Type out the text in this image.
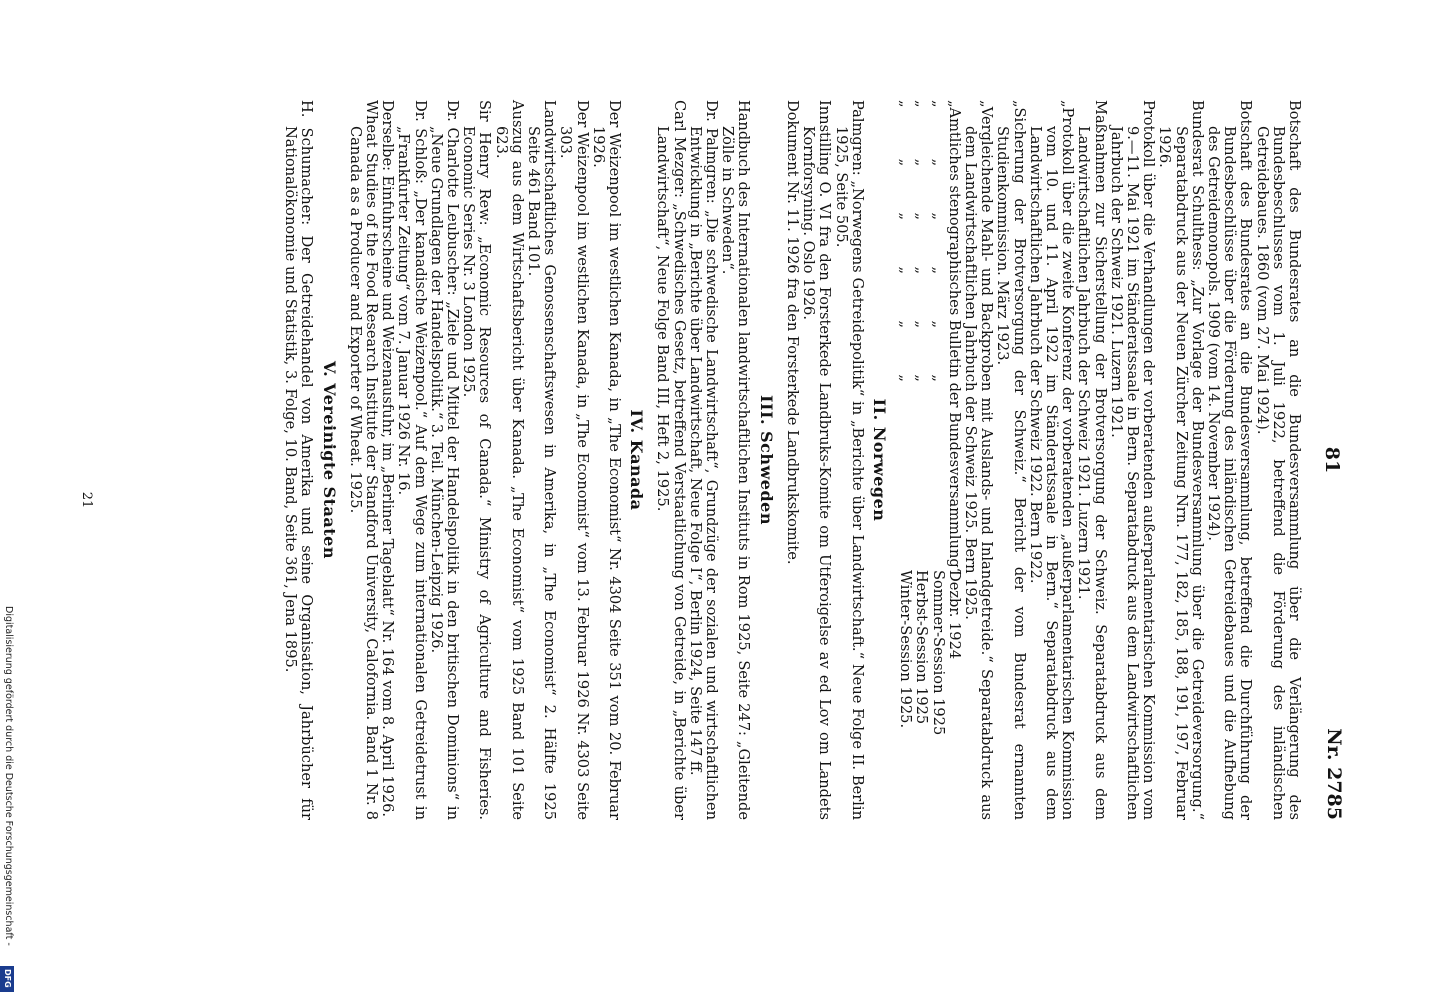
81
Nr. 2785

Botschaft des Bundesrates an die Bundesversammlung über die Verlängerung des Bundesbeschlusses vom 1. Juli 1922, betreffend die Förderung des inländischen Getreidebaues. 1860 (vom 27. Mai 1924).

Botschaft des Bundesrates an die Bundesversammlung, betreffend die Durchführung der Bundesbeschlüsse über die Förderung des inländischen Getreidebaues und die Aufhebung des Getreidemonopols. 1909 (vom 14. November 1924).

Bundesrat Schulthess: „Zur Vorlage der Bundesversammlung über die Getreideversorgung.“ Separatabdruck aus der Neuen Zürcher Zeitung Nrn. 177, 182, 185, 188, 191, 197, Februar 1926.

Protokoll über die Verhandlungen der vorberatenden außerparlamentarischen Kommission vom 9.—11. Mai 1921 im Ständeratssaale in Bern. Separatabdruck aus dem Landwirtschaftlichen Jahrbuch der Schweiz 1921. Luzern 1921.

Maßnahmen zur Sicherstellung der Brotversorgung der Schweiz. Separatabdruck aus dem Landwirtschaftlichen Jahrbuch der Schweiz 1921. Luzern 1921.

„Protokoll über die zweite Konferenz der vorberatenden „außerparlamentarischen Kommission vom 10. und 11. April 1922 im Ständeratssaale in Bern.“ Separatabdruck aus dem Landwirtschaftlichen Jahrbuch der Schweiz 1922. Bern 1922.

„Sicherung der Brotversorgung der Schweiz.“ Bericht der vom Bundesrat ernannten Studienkommission. März 1923.

„Vergleichende Mahl- und Backproben mit Auslands- und Inlandgetreide.“ Separatabdruck aus dem Landwirtschaftlichen Jahrbuch der Schweiz 1925. Bern 1925.

„Amtliches stenographisches Bulletin der Bundesversammlung“
Dezbr. 1924
„           „          „          „          „          „
Sommer-Session 1925
„           „          „          „          „          „
Herbst-Session 1925
„           „          „          „          „          „
Winter-Session 1925.
II. Norwegen

Palmgren: „Norwegens Getreidepolitik“ in „Berichte über Landwirtschaft.“ Neue Folge II. Berlin 1925, Seite 505.

Innstilling O. VI fra den Forsterkede Landbruks-Komite om Utferoigelse av ed Lov om Landets Kornforsyning. Oslo 1926.

Dokument Nr. 11. 1926 fra den Forsterkede Landbrukskomite.

III. Schweden

Handbuch des Internationalen landwirtschaftlichen Instituts in Rom 1925, Seite 247: „Gleitende Zölle in Schweden“.

Dr. Palmgren: „Die schwedische Landwirtschaft“, Grundzüge der sozialen und wirtschaftlichen Entwicklung in „Berichte über Landwirtschaft, Neue Folge I“, Berlin 1924, Seite 147 ff.

Carl Mezger: „Schwedisches Gesetz, betreffend Verstaatlichung von Getreide, in „Berichte über Landwirtschaft“, Neue Folge Band III, Heft 2, 1925.

IV. Kanada

Der Weizenpool im westlichen Kanada, in „The Economist“ Nr. 4304 Seite 351 vom 20. Februar 1926.

Der Weizenpool im westlichen Kanada, in „The Economist“ vom 13. Februar 1926 Nr. 4303 Seite 303.

Landwirtschaftliches Genossenschaftswesen in Amerika, in „The Economist“ 2. Hälfte 1925 Seite 461 Band 101.

Auszug aus dem Wirtschaftsbericht über Kanada. „The Economist“ vom 1925 Band 101 Seite 623.

Sir Henry Rew: „Economic Resources of Canada.“ Ministry of Agriculture and Fisheries. Economic Series Nr. 3 London 1925.

Dr. Charlotte Leubuscher: „Ziele und Mittel der Handelspolitik in den britischen Dominions“ in „Neue Grundlagen der Handelspolitik.“ 3. Teil. München-Leipzig 1926.

Dr. Schloß: „Der kanadische Weizenpool.“ Auf dem Wege zum internationalen Getreidetrust in „Frankfurter Zeitung“ vom 7. Januar 1926 Nr. 16.

Derselbe: Einfuhrscheine und Weizenausfuhr, im „Berliner Tageblatt“ Nr. 164 vom 8. April 1926.

Wheat Studies of the Food Research Institute der Standford University, Calofornia. Band 1 Nr. 8 Canada as a Producer and Exporter of Wheat. 1925.

V. Vereinigte Staaten

H. Schumacher: Der Getreidehandel von Amerika und seine Organisation, Jahrbücher für Nationalökonomie und Statistik, 3. Folge, 10. Band, Seite 361, Jena 1895.

21
Digitalisierung gefördert durch die Deutsche Forschungsgemeinschaft -
DFG
